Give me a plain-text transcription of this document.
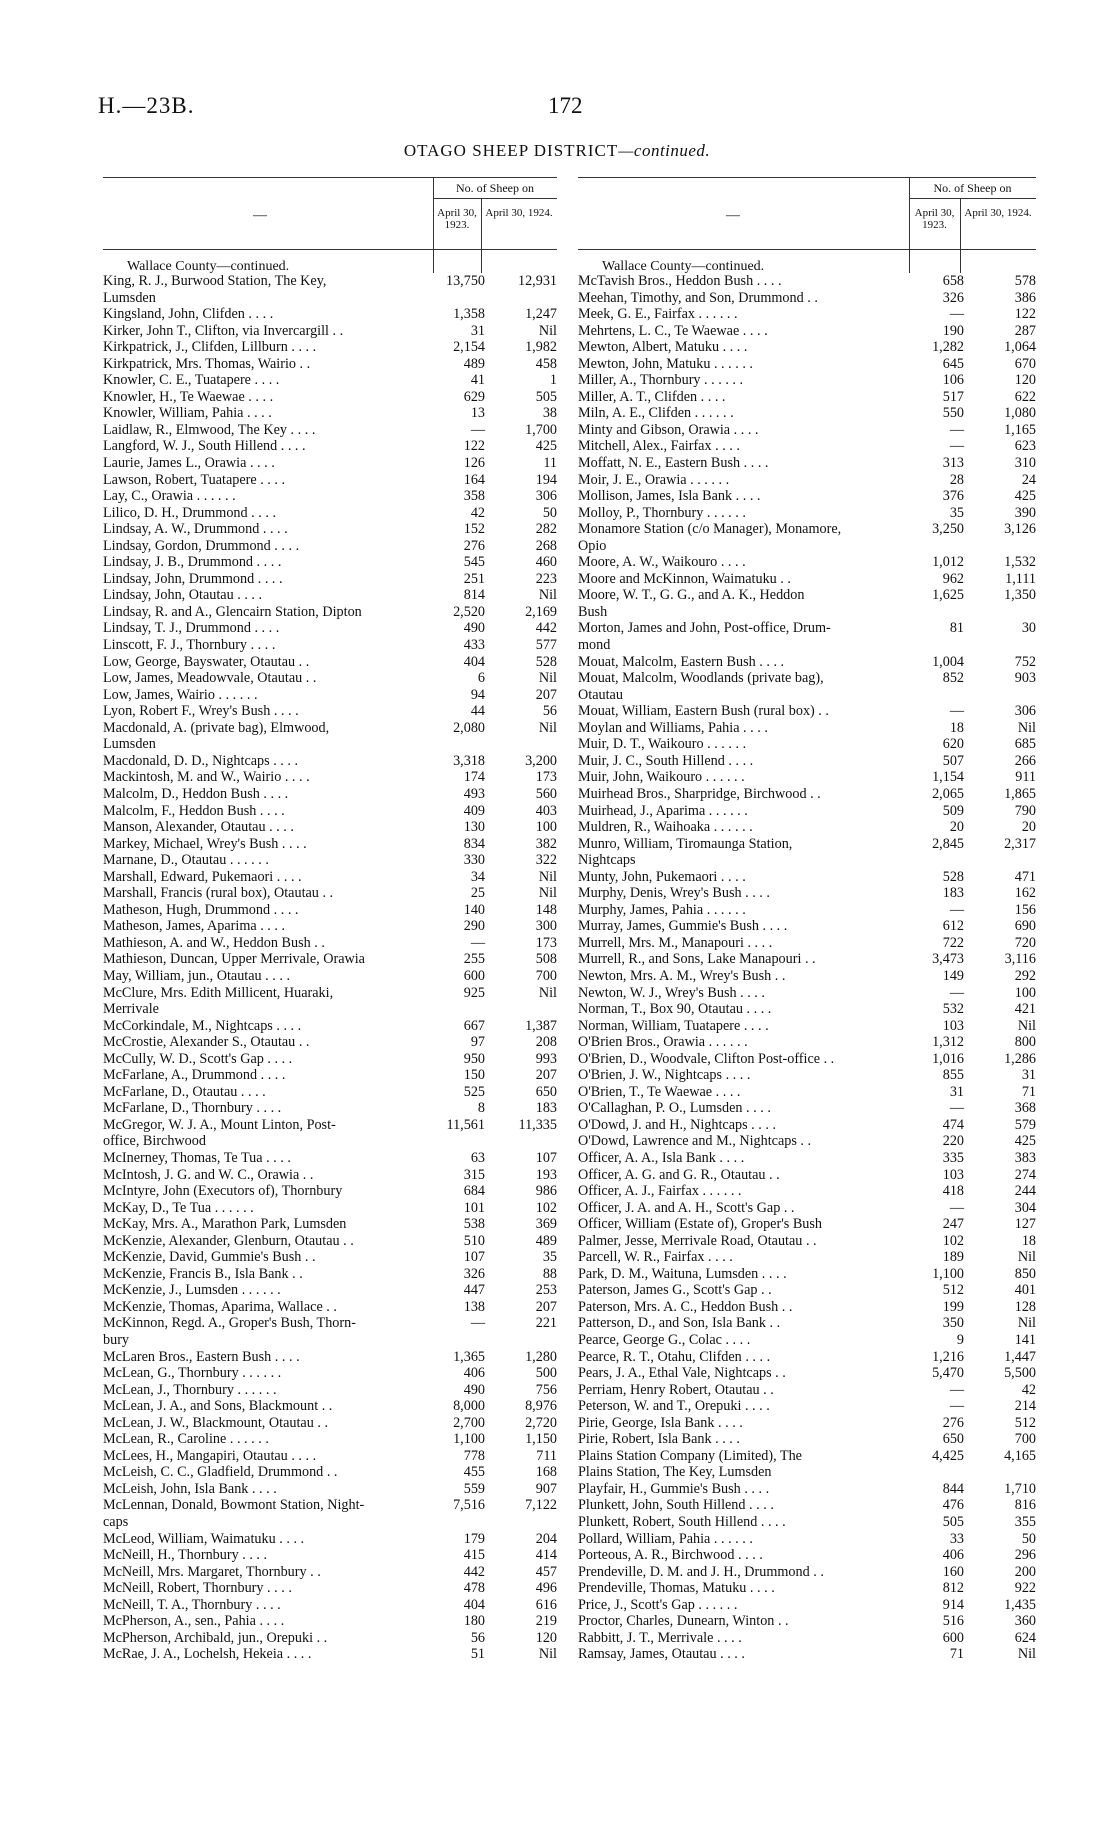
H.—23B.	172
OTAGO SHEEP DISTRICT—continued.
—
No. of Sheep on
April 30, 1923.
April 30, 1924.
Wallace County—continued.
King, R. J., Burwood Station, The Key,	13,750	12,931
Lumsden
Kingsland, John, Clifden . . . .	1,358	1,247
Kirker, John T., Clifton, via Invercargill . .	31	Nil
Kirkpatrick, J., Clifden, Lillburn . . . .	2,154	1,982
Kirkpatrick, Mrs. Thomas, Wairio . .	489	458
Knowler, C. E., Tuatapere . . . .	41	1
Knowler, H., Te Waewae . . . .	629	505
Knowler, William, Pahia . . . .	13	38
Laidlaw, R., Elmwood, The Key . . . .	—	1,700
Langford, W. J., South Hillend . . . .	122	425
Laurie, James L., Orawia . . . .	126	11
Lawson, Robert, Tuatapere . . . .	164	194
Lay, C., Orawia . . . . . .	358	306
Lilico, D. H., Drummond . . . .	42	50
Lindsay, A. W., Drummond . . . .	152	282
Lindsay, Gordon, Drummond . . . .	276	268
Lindsay, J. B., Drummond . . . .	545	460
Lindsay, John, Drummond . . . .	251	223
Lindsay, John, Otautau . . . .	814	Nil
Lindsay, R. and A., Glencairn Station, Dipton	2,520	2,169
Lindsay, T. J., Drummond . . . .	490	442
Linscott, F. J., Thornbury . . . .	433	577
Low, George, Bayswater, Otautau . .	404	528
Low, James, Meadowvale, Otautau . .	6	Nil
Low, James, Wairio . . . . . .	94	207
Lyon, Robert F., Wrey's Bush . . . .	44	56
Macdonald, A. (private bag), Elmwood,	2,080	Nil
Lumsden
Macdonald, D. D., Nightcaps . . . .	3,318	3,200
Mackintosh, M. and W., Wairio . . . .	174	173
Malcolm, D., Heddon Bush . . . .	493	560
Malcolm, F., Heddon Bush . . . .	409	403
Manson, Alexander, Otautau . . . .	130	100
Markey, Michael, Wrey's Bush . . . .	834	382
Marnane, D., Otautau . . . . . .	330	322
Marshall, Edward, Pukemaori . . . .	34	Nil
Marshall, Francis (rural box), Otautau . .	25	Nil
Matheson, Hugh, Drummond . . . .	140	148
Matheson, James, Aparima . . . .	290	300
Mathieson, A. and W., Heddon Bush . .	—	173
Mathieson, Duncan, Upper Merrivale, Orawia	255	508
May, William, jun., Otautau . . . .	600	700
McClure, Mrs. Edith Millicent, Huaraki,	925	Nil
Merrivale
McCorkindale, M., Nightcaps . . . .	667	1,387
McCrostie, Alexander S., Otautau . .	97	208
McCully, W. D., Scott's Gap . . . .	950	993
McFarlane, A., Drummond . . . .	150	207
McFarlane, D., Otautau . . . .	525	650
McFarlane, D., Thornbury . . . .	8	183
McGregor, W. J. A., Mount Linton, Post-	11,561	11,335
office, Birchwood
McInerney, Thomas, Te Tua . . . .	63	107
McIntosh, J. G. and W. C., Orawia . .	315	193
McIntyre, John (Executors of), Thornbury	684	986
McKay, D., Te Tua . . . . . .	101	102
McKay, Mrs. A., Marathon Park, Lumsden	538	369
McKenzie, Alexander, Glenburn, Otautau . .	510	489
McKenzie, David, Gummie's Bush . .	107	35
McKenzie, Francis B., Isla Bank . .	326	88
McKenzie, J., Lumsden . . . . . .	447	253
McKenzie, Thomas, Aparima, Wallace . .	138	207
McKinnon, Regd. A., Groper's Bush, Thorn-	—	221
bury
McLaren Bros., Eastern Bush . . . .	1,365	1,280
McLean, G., Thornbury . . . . . .	406	500
McLean, J., Thornbury . . . . . .	490	756
McLean, J. A., and Sons, Blackmount . .	8,000	8,976
McLean, J. W., Blackmount, Otautau . .	2,700	2,720
McLean, R., Caroline . . . . . .	1,100	1,150
McLees, H., Mangapiri, Otautau . . . .	778	711
McLeish, C. C., Gladfield, Drummond . .	455	168
McLeish, John, Isla Bank . . . .	559	907
McLennan, Donald, Bowmont Station, Night-	7,516	7,122
caps
McLeod, William, Waimatuku . . . .	179	204
McNeill, H., Thornbury . . . .	415	414
McNeill, Mrs. Margaret, Thornbury . .	442	457
McNeill, Robert, Thornbury . . . .	478	496
McNeill, T. A., Thornbury . . . .	404	616
McPherson, A., sen., Pahia . . . .	180	219
McPherson, Archibald, jun., Orepuki . .	56	120
McRae, J. A., Lochelsh, Hekeia . . . .	51	Nil
—
No. of Sheep on
April 30, 1923.
April 30, 1924.
Wallace County—continued.
McTavish Bros., Heddon Bush . . . .	658	578
Meehan, Timothy, and Son, Drummond . .	326	386
Meek, G. E., Fairfax . . . . . .	—	122
Mehrtens, L. C., Te Waewae . . . .	190	287
Mewton, Albert, Matuku . . . .	1,282	1,064
Mewton, John, Matuku . . . . . .	645	670
Miller, A., Thornbury . . . . . .	106	120
Miller, A. T., Clifden . . . .	517	622
Miln, A. E., Clifden . . . . . .	550	1,080
Minty and Gibson, Orawia . . . .	—	1,165
Mitchell, Alex., Fairfax . . . .	—	623
Moffatt, N. E., Eastern Bush . . . .	313	310
Moir, J. E., Orawia . . . . . .	28	24
Mollison, James, Isla Bank . . . .	376	425
Molloy, P., Thornbury . . . . . .	35	390
Monamore Station (c/o Manager), Monamore,	3,250	3,126
Opio
Moore, A. W., Waikouro . . . .	1,012	1,532
Moore and McKinnon, Waimatuku . .	962	1,111
Moore, W. T., G. G., and A. K., Heddon	1,625	1,350
Bush
Morton, James and John, Post-office, Drum-	81	30
mond
Mouat, Malcolm, Eastern Bush . . . .	1,004	752
Mouat, Malcolm, Woodlands (private bag),	852	903
Otautau
Mouat, William, Eastern Bush (rural box) . .	—	306
Moylan and Williams, Pahia . . . .	18	Nil
Muir, D. T., Waikouro . . . . . .	620	685
Muir, J. C., South Hillend . . . .	507	266
Muir, John, Waikouro . . . . . .	1,154	911
Muirhead Bros., Sharpridge, Birchwood . .	2,065	1,865
Muirhead, J., Aparima . . . . . .	509	790
Muldren, R., Waihoaka . . . . . .	20	20
Munro, William, Tiromaunga Station,	2,845	2,317
Nightcaps
Munty, John, Pukemaori . . . .	528	471
Murphy, Denis, Wrey's Bush . . . .	183	162
Murphy, James, Pahia . . . . . .	—	156
Murray, James, Gummie's Bush . . . .	612	690
Murrell, Mrs. M., Manapouri . . . .	722	720
Murrell, R., and Sons, Lake Manapouri . .	3,473	3,116
Newton, Mrs. A. M., Wrey's Bush . .	149	292
Newton, W. J., Wrey's Bush . . . .	—	100
Norman, T., Box 90, Otautau . . . .	532	421
Norman, William, Tuatapere . . . .	103	Nil
O'Brien Bros., Orawia . . . . . .	1,312	800
O'Brien, D., Woodvale, Clifton Post-office . .	1,016	1,286
O'Brien, J. W., Nightcaps . . . .	855	31
O'Brien, T., Te Waewae . . . .	31	71
O'Callaghan, P. O., Lumsden . . . .	—	368
O'Dowd, J. and H., Nightcaps . . . .	474	579
O'Dowd, Lawrence and M., Nightcaps . .	220	425
Officer, A. A., Isla Bank . . . .	335	383
Officer, A. G. and G. R., Otautau . .	103	274
Officer, A. J., Fairfax . . . . . .	418	244
Officer, J. A. and A. H., Scott's Gap . .	—	304
Officer, William (Estate of), Groper's Bush	247	127
Palmer, Jesse, Merrivale Road, Otautau . .	102	18
Parcell, W. R., Fairfax . . . .	189	Nil
Park, D. M., Waituna, Lumsden . . . .	1,100	850
Paterson, James G., Scott's Gap . .	512	401
Paterson, Mrs. A. C., Heddon Bush . .	199	128
Patterson, D., and Son, Isla Bank . .	350	Nil
Pearce, George G., Colac . . . .	9	141
Pearce, R. T., Otahu, Clifden . . . .	1,216	1,447
Pears, J. A., Ethal Vale, Nightcaps . .	5,470	5,500
Perriam, Henry Robert, Otautau . .	—	42
Peterson, W. and T., Orepuki . . . .	—	214
Pirie, George, Isla Bank . . . .	276	512
Pirie, Robert, Isla Bank . . . .	650	700
Plains Station Company (Limited), The	4,425	4,165
Plains Station, The Key, Lumsden
Playfair, H., Gummie's Bush . . . .	844	1,710
Plunkett, John, South Hillend . . . .	476	816
Plunkett, Robert, South Hillend . . . .	505	355
Pollard, William, Pahia . . . . . .	33	50
Porteous, A. R., Birchwood . . . .	406	296
Prendeville, D. M. and J. H., Drummond . .	160	200
Prendeville, Thomas, Matuku . . . .	812	922
Price, J., Scott's Gap . . . . . .	914	1,435
Proctor, Charles, Dunearn, Winton . .	516	360
Rabbitt, J. T., Merrivale . . . .	600	624
Ramsay, James, Otautau . . . .	71	Nil
